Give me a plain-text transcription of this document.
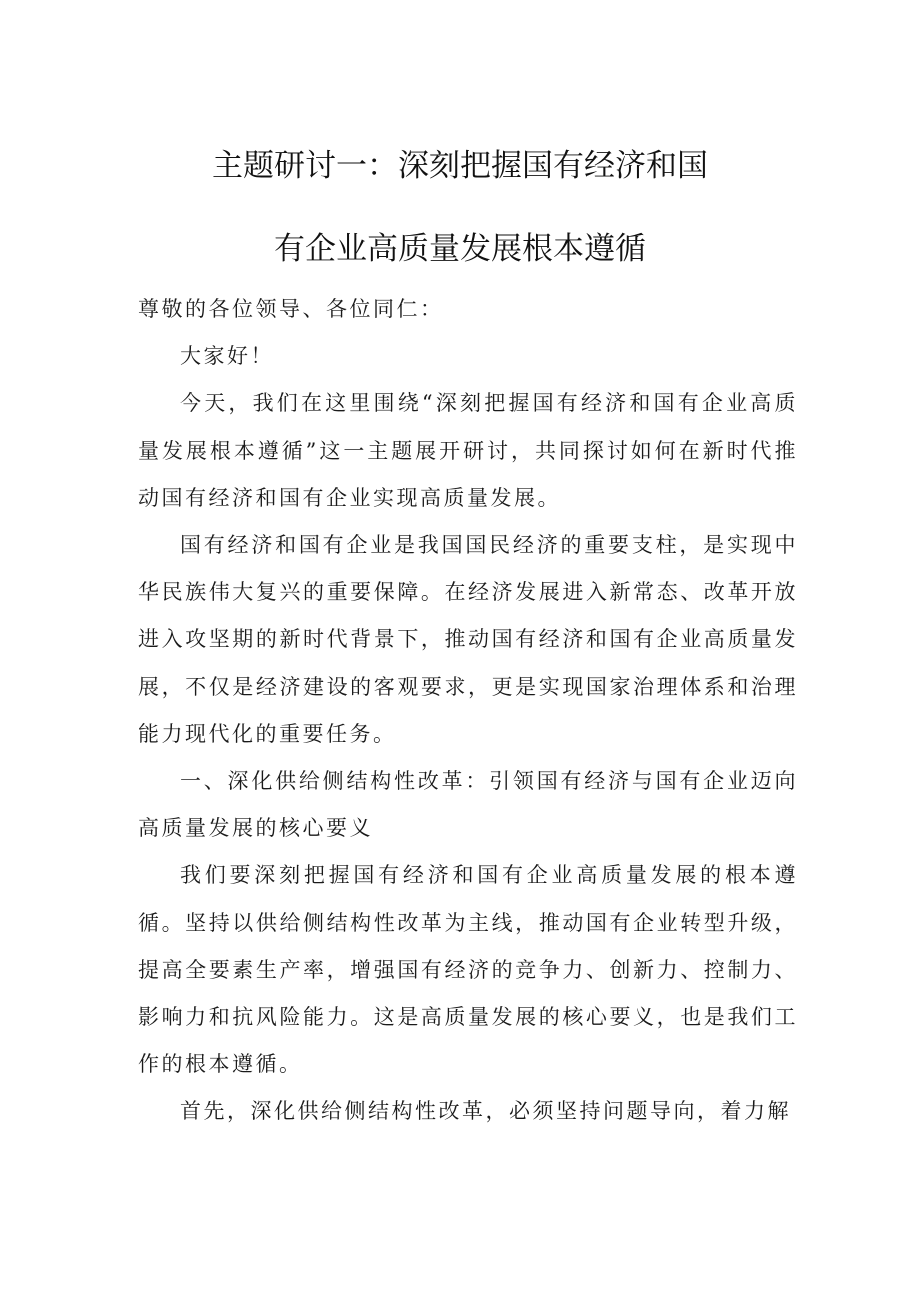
主题研讨一：深刻把握国有经济和国
有企业高质量发展根本遵循

尊敬的各位领导、各位同仁：

大家好！

今天，我们在这里围绕“深刻把握国有经济和国有企业高质量发展根本遵循”这一主题展开研讨，共同探讨如何在新时代推动国有经济和国有企业实现高质量发展。

国有经济和国有企业是我国国民经济的重要支柱，是实现中华民族伟大复兴的重要保障。在经济发展进入新常态、改革开放进入攻坚期的新时代背景下，推动国有经济和国有企业高质量发展，不仅是经济建设的客观要求，更是实现国家治理体系和治理能力现代化的重要任务。

一、深化供给侧结构性改革：引领国有经济与国有企业迈向高质量发展的核心要义

我们要深刻把握国有经济和国有企业高质量发展的根本遵循。坚持以供给侧结构性改革为主线，推动国有企业转型升级，提高全要素生产率，增强国有经济的竞争力、创新力、控制力、影响力和抗风险能力。这是高质量发展的核心要义，也是我们工作的根本遵循。

首先，深化供给侧结构性改革，必须坚持问题导向，着力解
